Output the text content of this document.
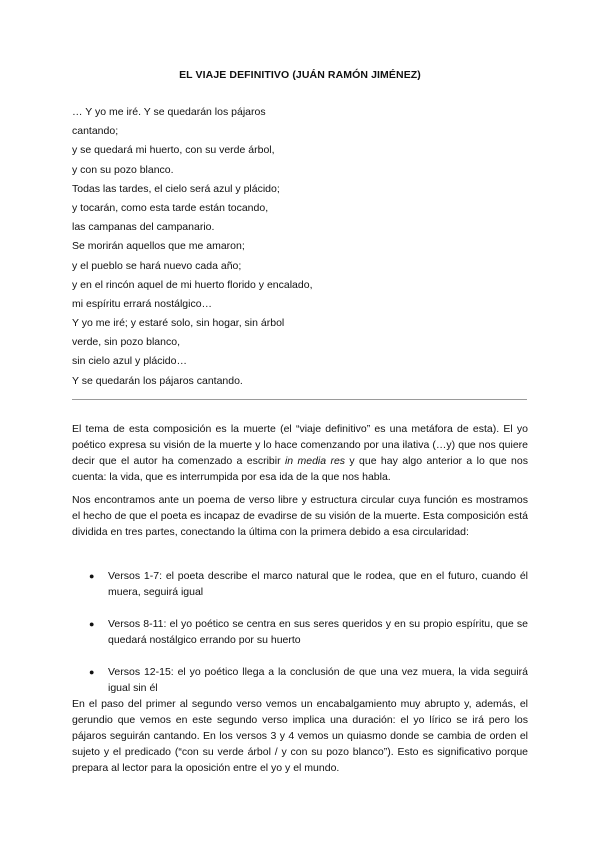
EL VIAJE DEFINITIVO (JUÁN RAMÓN JIMÉNEZ)
… Y yo me iré. Y se quedarán los pájaros
cantando;
y se quedará mi huerto, con su verde árbol,
y con su pozo blanco.
Todas las tardes, el cielo será azul y plácido;
y tocarán, como esta tarde están tocando,
las campanas del campanario.
Se morirán aquellos que me amaron;
y el pueblo se hará nuevo cada año;
y en el rincón aquel de mi huerto florido y encalado,
mi espíritu errará nostálgico…
Y yo me iré; y estaré solo, sin hogar, sin árbol
verde, sin pozo blanco,
sin cielo azul y plácido…
Y se quedarán los pájaros cantando.

El tema de esta composición es la muerte (el “viaje definitivo” es una metáfora de esta). El yo poético expresa su visión de la muerte y lo hace comenzando por una ilativa (…y) que nos quiere decir que el autor ha comenzado a escribir in media res y que hay algo anterior a lo que nos cuenta: la vida, que es interrumpida por esa ida de la que nos habla.

Nos encontramos ante un poema de verso libre y estructura circular cuya función es mostramos el hecho de que el poeta es incapaz de evadirse de su visión de la muerte. Esta composición está dividida en tres partes, conectando la última con la primera debido a esa circularidad:

● Versos 1-7: el poeta describe el marco natural que le rodea, que en el futuro, cuando él muera, seguirá igual
● Versos 8-11: el yo poético se centra en sus seres queridos y en su propio espíritu, que se quedará nostálgico errando por su huerto
● Versos 12-15: el yo poético llega a la conclusión de que una vez muera, la vida seguirá igual sin él

En el paso del primer al segundo verso vemos un encabalgamiento muy abrupto y, además, el gerundio que vemos en este segundo verso implica una duración: el yo lírico se irá pero los pájaros seguirán cantando. En los versos 3 y 4 vemos un quiasmo donde se cambia de orden el sujeto y el predicado (“con su verde árbol / y con su pozo blanco”). Esto es significativo porque prepara al lector para la oposición entre el yo y el mundo.
